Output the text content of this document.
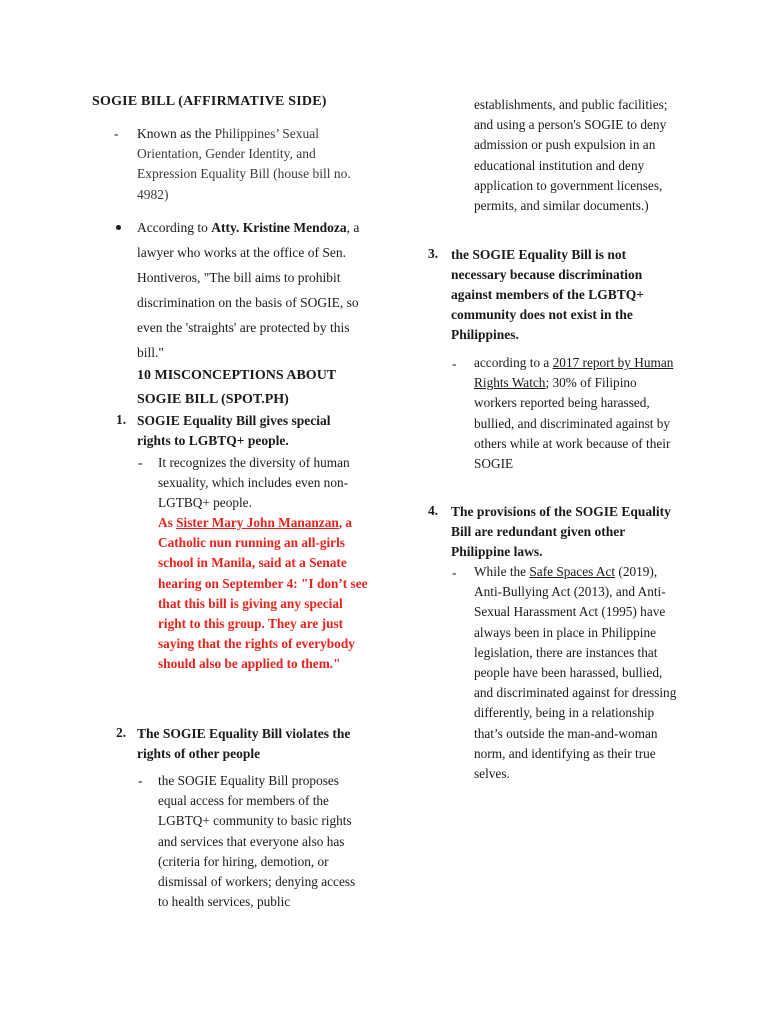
SOGIE BILL (AFFIRMATIVE SIDE)
- Known as the Philippines’ Sexual Orientation, Gender Identity, and Expression Equality Bill (house bill no. 4982)
According to Atty. Kristine Mendoza, a lawyer who works at the office of Sen. Hontiveros, "The bill aims to prohibit discrimination on the basis of SOGIE, so even the 'straights' are protected by this bill."
10 MISCONCEPTIONS ABOUT SOGIE BILL (SPOT.PH)
1. SOGIE Equality Bill gives special rights to LGBTQ+ people.
- It recognizes the diversity of human sexuality, which includes even non-LGTBQ+ people.
As Sister Mary John Mananzan, a Catholic nun running an all-girls school in Manila, said at a Senate hearing on September 4: "I don’t see that this bill is giving any special right to this group. They are just saying that the rights of everybody should also be applied to them."
2. The SOGIE Equality Bill violates the rights of other people
- the SOGIE Equality Bill proposes equal access for members of the LGBTQ+ community to basic rights and services that everyone also has (criteria for hiring, demotion, or dismissal of workers; denying access to health services, public
establishments, and public facilities; and using a person's SOGIE to deny admission or push expulsion in an educational institution and deny application to government licenses, permits, and similar documents.)
3. the SOGIE Equality Bill is not necessary because discrimination against members of the LGBTQ+ community does not exist in the Philippines.
- according to a 2017 report by Human Rights Watch; 30% of Filipino workers reported being harassed, bullied, and discriminated against by others while at work because of their SOGIE
4. The provisions of the SOGIE Equality Bill are redundant given other Philippine laws.
- While the Safe Spaces Act (2019), Anti-Bullying Act (2013), and Anti-Sexual Harassment Act (1995) have always been in place in Philippine legislation, there are instances that people have been harassed, bullied, and discriminated against for dressing differently, being in a relationship that’s outside the man-and-woman norm, and identifying as their true selves.
